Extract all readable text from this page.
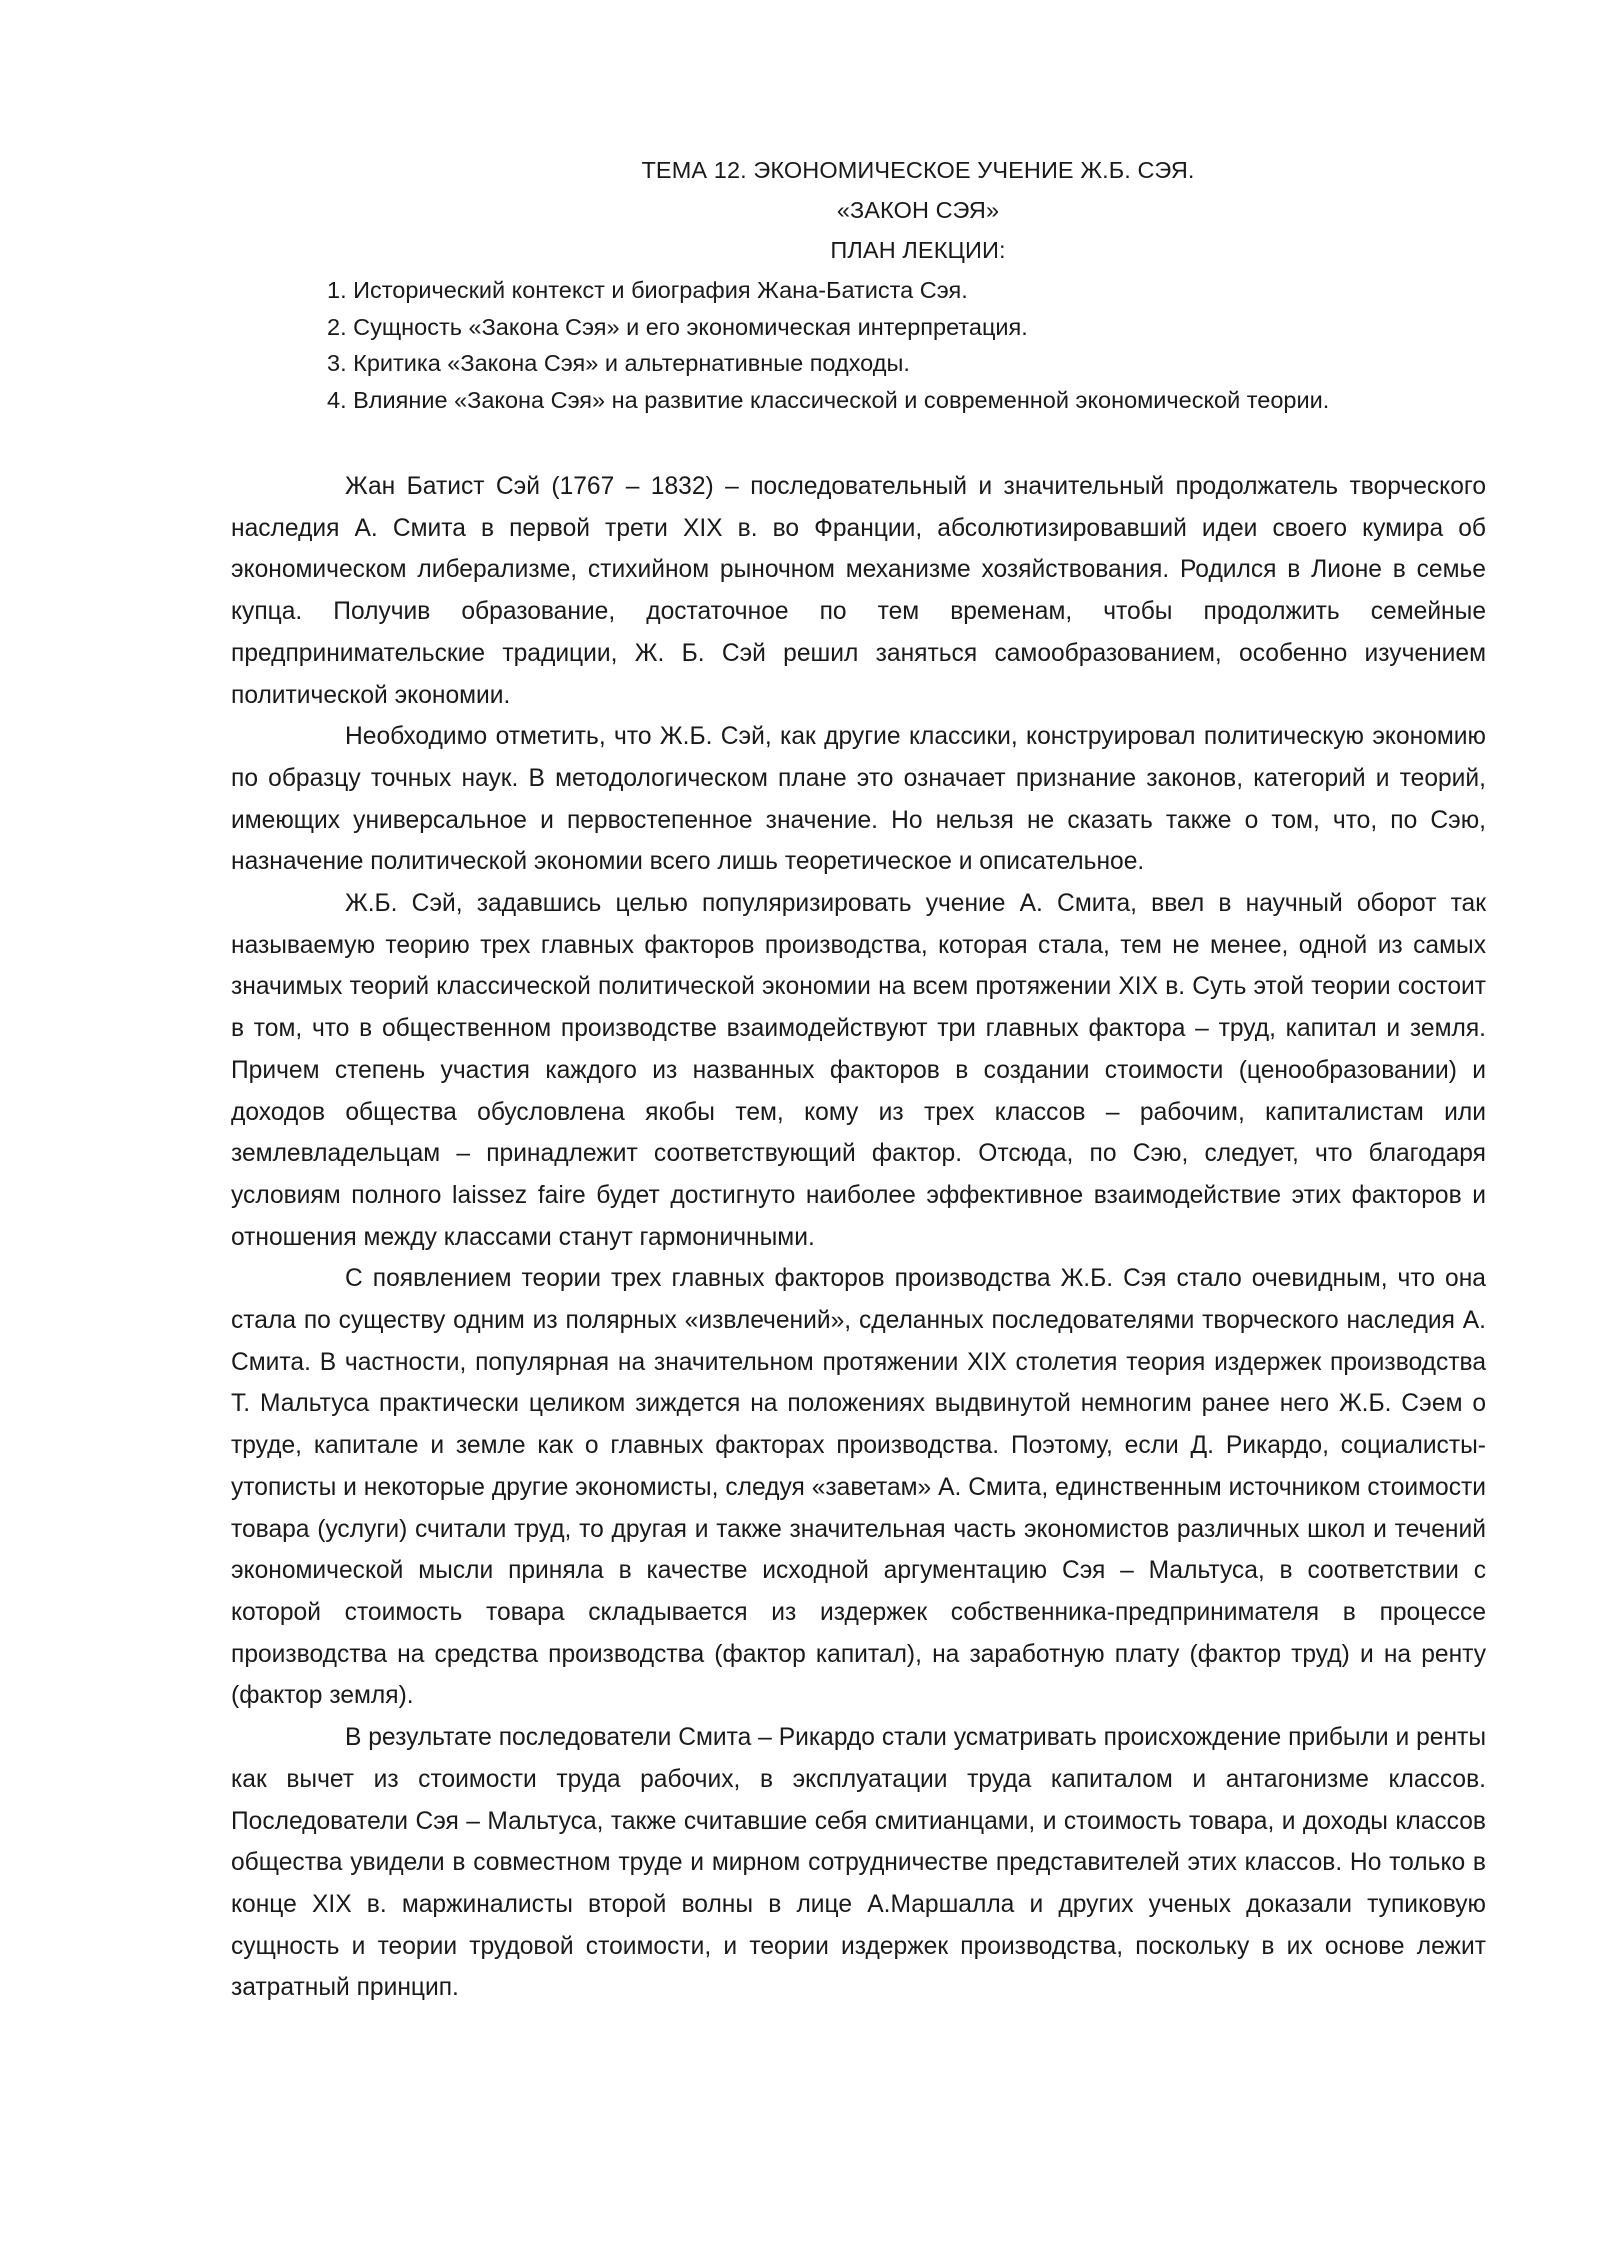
ТЕМА 12. ЭКОНОМИЧЕСКОЕ УЧЕНИЕ Ж.Б. СЭЯ.
«ЗАКОН СЭЯ»
ПЛАН ЛЕКЦИИ:
1. Исторический контекст и биография Жана-Батиста Сэя.
2. Сущность «Закона Сэя» и его экономическая интерпретация.
3. Критика «Закона Сэя» и альтернативные подходы.
4. Влияние «Закона Сэя» на развитие классической и современной экономической теории.

Жан Батист Сэй (1767 – 1832) – последовательный и значительный продолжатель творческого наследия А. Смита в первой трети XIX в. во Франции, абсолютизировавший идеи своего кумира об экономическом либерализме, стихийном рыночном механизме хозяйствования. Родился в Лионе в семье купца. Получив образование, достаточное по тем временам, чтобы продолжить семейные предпринимательские традиции, Ж. Б. Сэй решил заняться самообразованием, особенно изучением политической экономии.

Необходимо отметить, что Ж.Б. Сэй, как другие классики, конструировал политическую экономию по образцу точных наук. В методологическом плане это означает признание законов, категорий и теорий, имеющих универсальное и первостепенное значение. Но нельзя не сказать также о том, что, по Сэю, назначение политической экономии всего лишь теоретическое и описательное.

Ж.Б. Сэй, задавшись целью популяризировать учение А. Смита, ввел в научный оборот так называемую теорию трех главных факторов производства, которая стала, тем не менее, одной из самых значимых теорий классической политической экономии на всем протяжении XIX в. Суть этой теории состоит в том, что в общественном производстве взаимодействуют три главных фактора – труд, капитал и земля. Причем степень участия каждого из названных факторов в создании стоимости (ценообразовании) и доходов общества обусловлена якобы тем, кому из трех классов – рабочим, капиталистам или землевладельцам – принадлежит соответствующий фактор. Отсюда, по Сэю, следует, что благодаря условиям полного laissez faire будет достигнуто наиболее эффективное взаимодействие этих факторов и отношения между классами станут гармоничными.

С появлением теории трех главных факторов производства Ж.Б. Сэя стало очевидным, что она стала по существу одним из полярных «извлечений», сделанных последователями творческого наследия А. Смита. В частности, популярная на значительном протяжении XIX столетия теория издержек производства Т. Мальтуса практически целиком зиждется на положениях выдвинутой немногим ранее него Ж.Б. Сэем о труде, капитале и земле как о главных факторах производства. Поэтому, если Д. Рикардо, социалисты-утописты и некоторые другие экономисты, следуя «заветам» А. Смита, единственным источником стоимости товара (услуги) считали труд, то другая и также значительная часть экономистов различных школ и течений экономической мысли приняла в качестве исходной аргументацию Сэя – Мальтуса, в соответствии с которой стоимость товара складывается из издержек собственника-предпринимателя в процессе производства на средства производства (фактор капитал), на заработную плату (фактор труд) и на ренту (фактор земля).

В результате последователи Смита – Рикардо стали усматривать происхождение прибыли и ренты как вычет из стоимости труда рабочих, в эксплуатации труда капиталом и антагонизме классов. Последователи Сэя – Мальтуса, также считавшие себя смитианцами, и стоимость товара, и доходы классов общества увидели в совместном труде и мирном сотрудничестве представителей этих классов. Но только в конце XIX в. маржиналисты второй волны в лице А.Маршалла и других ученых доказали тупиковую сущность и теории трудовой стоимости, и теории издержек производства, поскольку в их основе лежит затратный принцип.
